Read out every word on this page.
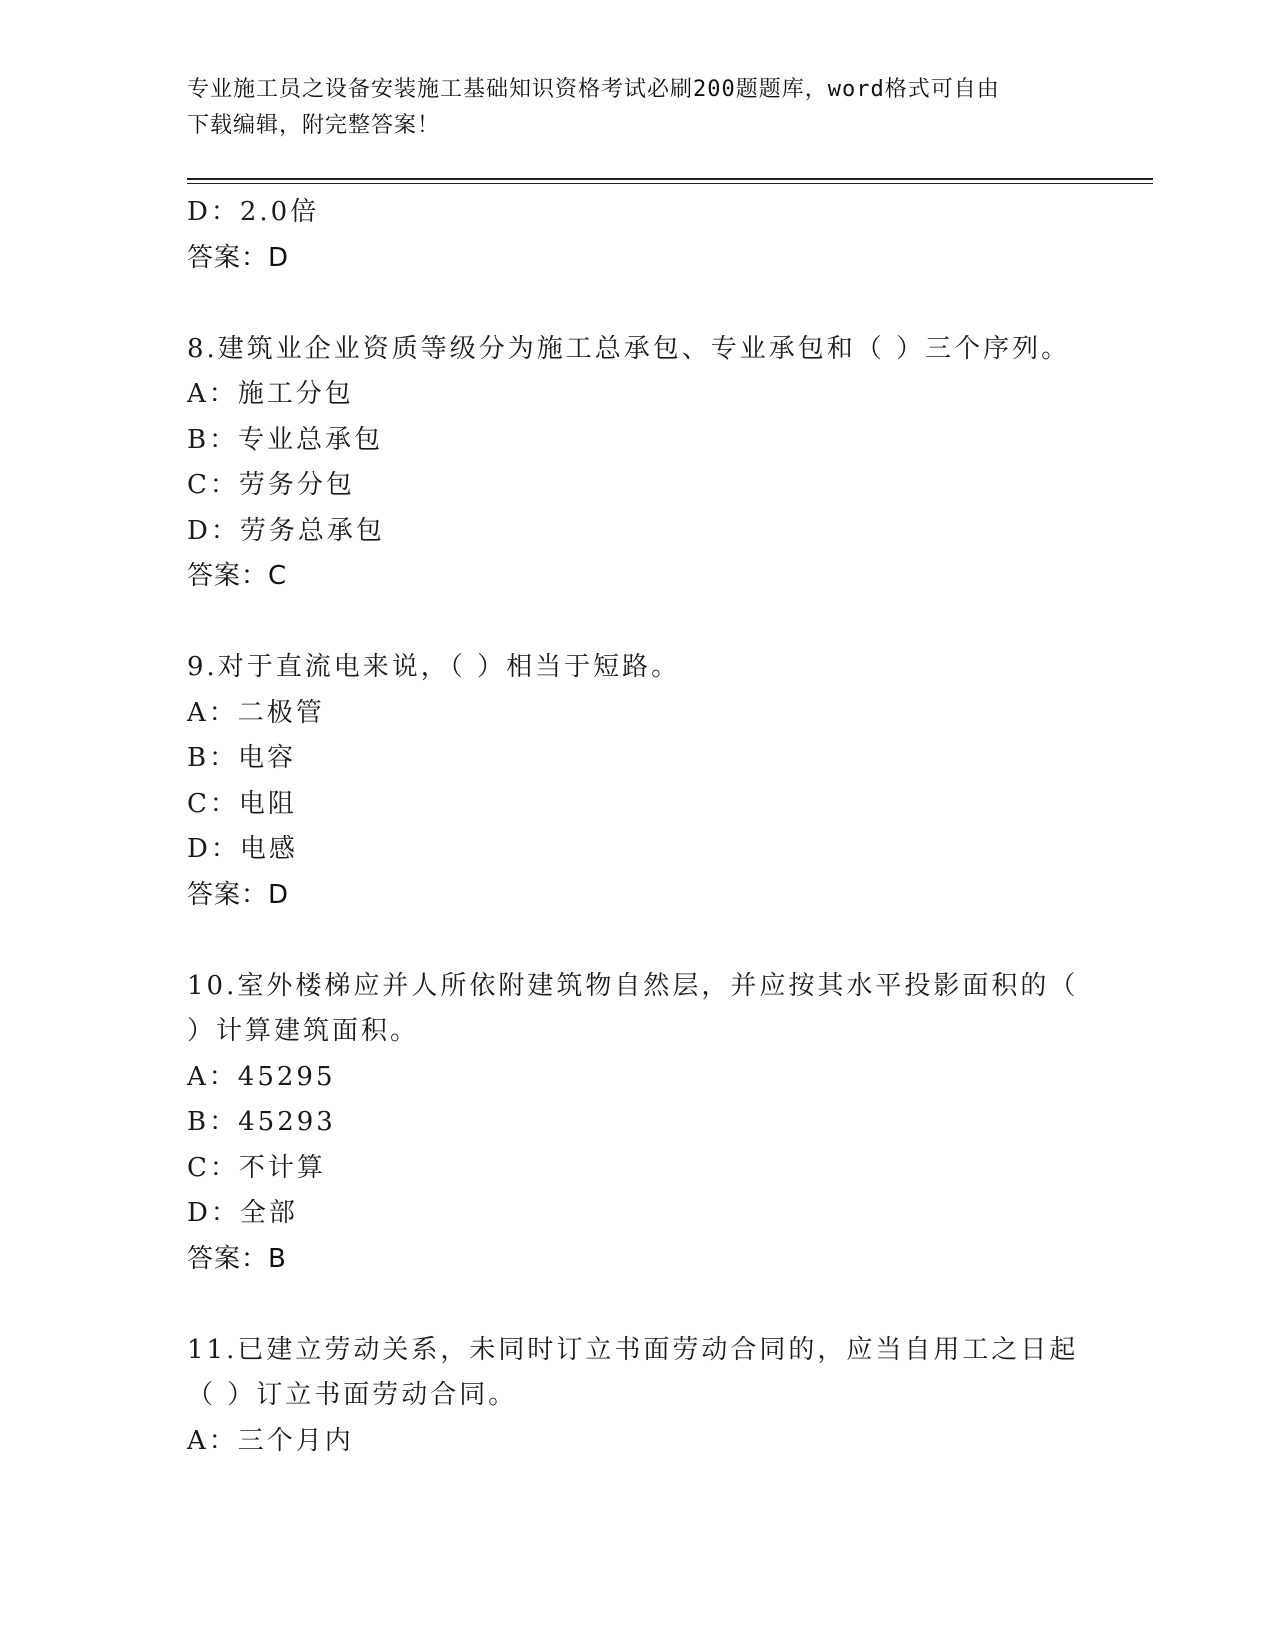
专业施工员之设备安装施工基础知识资格考试必刷200题题库，word格式可自由
下载编辑，附完整答案！
D：2.0倍
答案：D
8.建筑业企业资质等级分为施工总承包、专业承包和（ ）三个序列。
A：施工分包
B：专业总承包
C：劳务分包
D：劳务总承包
答案：C
9.对于直流电来说，（ ）相当于短路。
A：二极管
B：电容
C：电阻
D：电感
答案：D
10.室外楼梯应并人所依附建筑物自然层，并应按其水平投影面积的（
）计算建筑面积。
A：45295
B：45293
C：不计算
D：全部
答案：B
11.已建立劳动关系，未同时订立书面劳动合同的，应当自用工之日起
（ ）订立书面劳动合同。
A：三个月内
